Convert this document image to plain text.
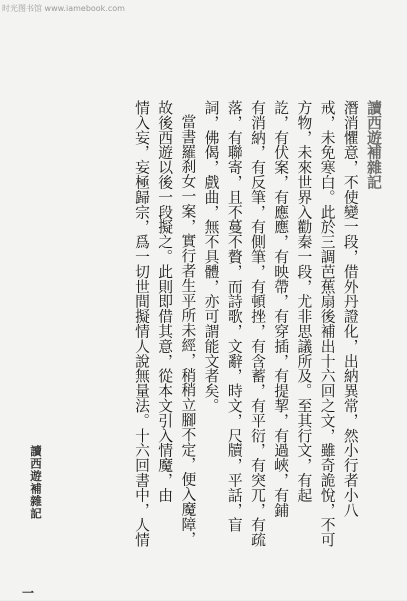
时光图书馆 www.iamebook.com
讀西遊補雜記
潛消懼意，不使變一段，借外丹證化，出納異常，然小行者小八
戒，未免寒白。此於三調芭蕉扇後補出十六回之文，雖奇詭悅，不可
方物，未來世界入勸秦一段，尤非思議所及。至其行文，有起
訖，有伏案，有應應，有映帶，有穿插，有提挈，有過峽，有鋪
有消納，有反筆，有側筆，有頓挫，有含蓄，有平衍，有突兀，有疏
落，有聯寄，且不蔓不贅，而詩歌，文辭，時文，尺牘，平話，盲
詞，佛偈，戲曲，無不具體，亦可謂能文者矣。
當書羅刹女一案，實行者生平所未經，稍稍立腳不定，便入魔障，
故後西遊以後一段擬之。此則即借其意，從本文引入情魔，由
情入妄，妄極歸宗，爲一切世間擬情人說無量法。十六回書中，人情
讀西遊補雜記
一
